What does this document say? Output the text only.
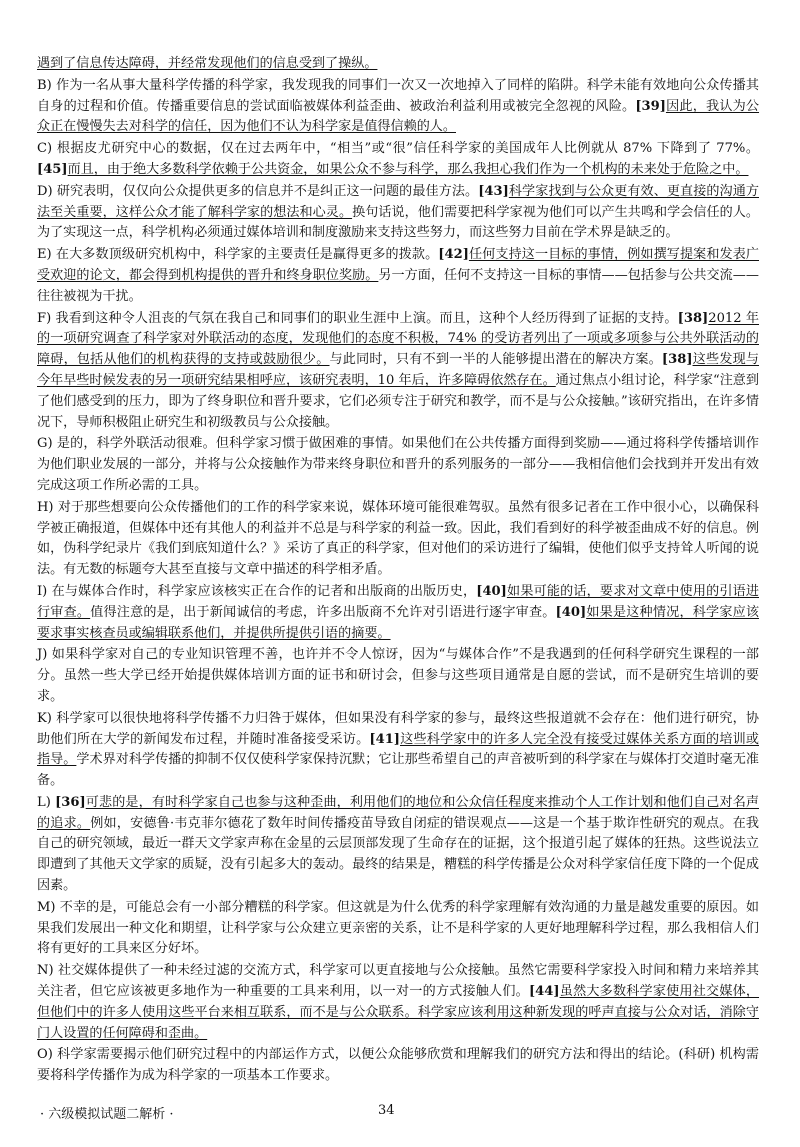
遇到了信息传达障碍，并经常发现他们的信息受到了操纵。

B) 作为一名从事大量科学传播的科学家，我发现我的同事们一次又一次地掉入了同样的陷阱。科学未能有效地向公众传播其自身的过程和价值。传播重要信息的尝试面临被媒体利益歪曲、被政治利益利用或被完全忽视的风险。[39]因此，我认为公众正在慢慢失去对科学的信任，因为他们不认为科学家是值得信赖的人。

C) 根据皮尤研究中心的数据，仅在过去两年中，“相当”或“很”信任科学家的美国成年人比例就从 87% 下降到了 77%。[45]而且，由于绝大多数科学依赖于公共资金，如果公众不参与科学，那么我担心我们作为一个机构的未来处于危险之中。

D) 研究表明，仅仅向公众提供更多的信息并不是纠正这一问题的最佳方法。[43]科学家找到与公众更有效、更直接的沟通方法至关重要，这样公众才能了解科学家的想法和心灵。换句话说，他们需要把科学家视为他们可以产生共鸣和学会信任的人。为了实现这一点，科学机构必须通过媒体培训和制度激励来支持这些努力，而这些努力目前在学术界是缺乏的。

E) 在大多数顶级研究机构中，科学家的主要责任是赢得更多的拨款。[42]任何支持这一目标的事情，例如撰写提案和发表广受欢迎的论文，都会得到机构提供的晋升和终身职位奖励。另一方面，任何不支持这一目标的事情——包括参与公共交流——往往被视为干扰。

F) 我看到这种令人沮丧的气氛在我自己和同事们的职业生涯中上演。而且，这种个人经历得到了证据的支持。[38]2012 年的一项研究调查了科学家对外联活动的态度，发现他们的态度不积极，74% 的受访者列出了一项或多项参与公共外联活动的障碍，包括从他们的机构获得的支持或鼓励很少。与此同时，只有不到一半的人能够提出潜在的解决方案。[38]这些发现与今年早些时候发表的另一项研究结果相呼应，该研究表明，10 年后，许多障碍依然存在。通过焦点小组讨论，科学家“注意到了他们感受到的压力，即为了终身职位和晋升要求，它们必须专注于研究和教学，而不是与公众接触。”该研究指出，在许多情况下，导师积极阻止研究生和初级教员与公众接触。

G) 是的，科学外联活动很难。但科学家习惯于做困难的事情。如果他们在公共传播方面得到奖励——通过将科学传播培训作为他们职业发展的一部分，并将与公众接触作为带来终身职位和晋升的系列服务的一部分——我相信他们会找到并开发出有效完成这项工作所必需的工具。

H) 对于那些想要向公众传播他们的工作的科学家来说，媒体环境可能很难驾驭。虽然有很多记者在工作中很小心，以确保科学被正确报道，但媒体中还有其他人的利益并不总是与科学家的利益一致。因此，我们看到好的科学被歪曲成不好的信息。例如，伪科学纪录片《我们到底知道什么？》采访了真正的科学家，但对他们的采访进行了编辑，使他们似乎支持耸人听闻的说法。有无数的标题夸大甚至直接与文章中描述的科学相矛盾。

I) 在与媒体合作时，科学家应该核实正在合作的记者和出版商的出版历史，[40]如果可能的话，要求对文章中使用的引语进行审查。值得注意的是，出于新闻诚信的考虑，许多出版商不允许对引语进行逐字审查。[40]如果是这种情况，科学家应该要求事实核查员或编辑联系他们，并提供所提供引语的摘要。

J) 如果科学家对自己的专业知识管理不善，也许并不令人惊讶，因为“与媒体合作”不是我遇到的任何科学研究生课程的一部分。虽然一些大学已经开始提供媒体培训方面的证书和研讨会，但参与这些项目通常是自愿的尝试，而不是研究生培训的要求。

K) 科学家可以很快地将科学传播不力归咎于媒体，但如果没有科学家的参与，最终这些报道就不会存在：他们进行研究，协助他们所在大学的新闻发布过程，并随时准备接受采访。[41]这些科学家中的许多人完全没有接受过媒体关系方面的培训或指导。学术界对科学传播的抑制不仅仅使科学家保持沉默；它让那些希望自己的声音被听到的科学家在与媒体打交道时毫无准备。

L) [36]可悲的是，有时科学家自己也参与这种歪曲，利用他们的地位和公众信任程度来推动个人工作计划和他们自己对名声的追求。例如，安德鲁·韦克菲尔德花了数年时间传播疫苗导致自闭症的错误观点——这是一个基于欺诈性研究的观点。在我自己的研究领域，最近一群天文学家声称在金星的云层顶部发现了生命存在的证据，这个报道引起了媒体的狂热。这些说法立即遭到了其他天文学家的质疑，没有引起多大的轰动。最终的结果是，糟糕的科学传播是公众对科学家信任度下降的一个促成因素。

M) 不幸的是，可能总会有一小部分糟糕的科学家。但这就是为什么优秀的科学家理解有效沟通的力量是越发重要的原因。如果我们发展出一种文化和期望，让科学家与公众建立更亲密的关系，让不是科学家的人更好地理解科学过程，那么我相信人们将有更好的工具来区分好坏。

N) 社交媒体提供了一种未经过滤的交流方式，科学家可以更直接地与公众接触。虽然它需要科学家投入时间和精力来培养其关注者，但它应该被更多地作为一种重要的工具来利用，以一对一的方式接触人们。[44]虽然大多数科学家使用社交媒体，但他们中的许多人使用这些平台来相互联系，而不是与公众联系。科学家应该利用这种新发现的呼声直接与公众对话，消除守门人设置的任何障碍和歪曲。

O) 科学家需要揭示他们研究过程中的内部运作方式，以便公众能够欣赏和理解我们的研究方法和得出的结论。(科研) 机构需要将科学传播作为成为科学家的一项基本工作要求。

· 六级模拟试题二解析 ·	34
